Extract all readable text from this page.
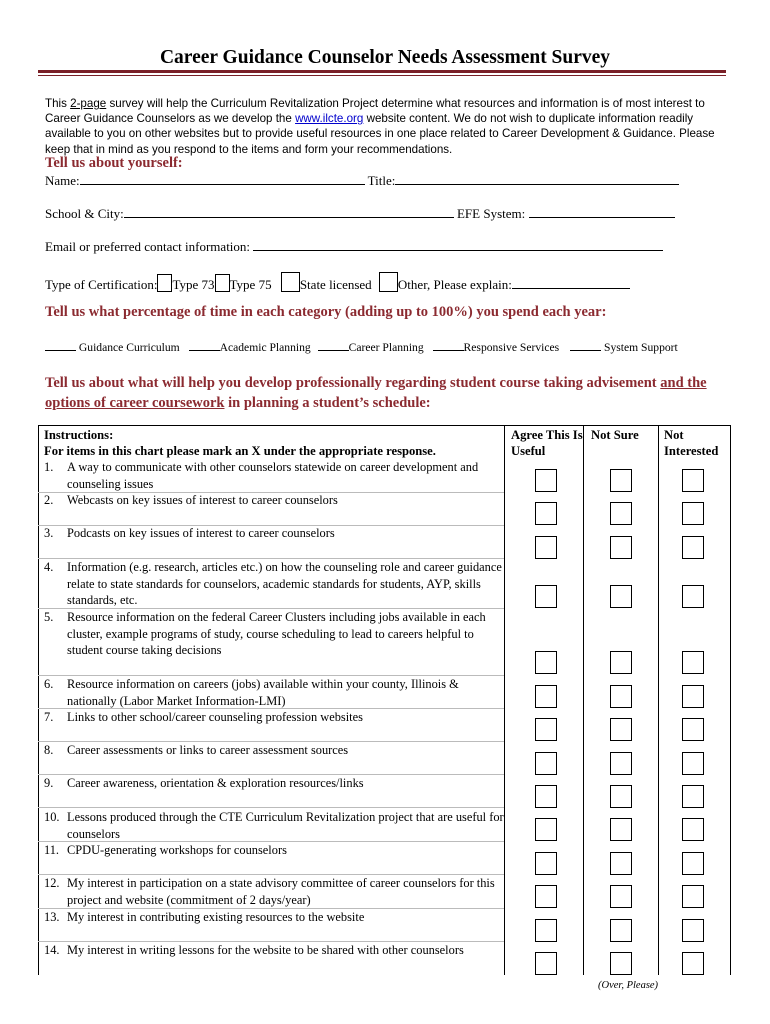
Career Guidance Counselor Needs Assessment Survey
This 2-page survey will help the Curriculum Revitalization Project determine what resources and information is of most interest to Career Guidance Counselors as we develop the www.ilcte.org website content. We do not wish to duplicate information readily available to you on other websites but to provide useful resources in one place related to Career Development & Guidance. Please keep that in mind as you respond to the items and form your recommendations.
Tell us about yourself:
Name:	Title:
School & City:	EFE System:
Email or preferred contact information:
Type of Certification: Type 73 Type 75 State licensed Other, Please explain:
Tell us what percentage of time in each category (adding up to 100%) you spend each year:
Guidance Curriculum	Academic Planning	Career Planning	Responsive Services	System Support
Tell us about what will help you develop professionally regarding student course taking advisement and the options of career coursework in planning a student’s schedule:
Instructions:
For items in this chart please mark an X under the appropriate response.
Agree This Is Useful
Not Sure	Not Interested
1.	A way to communicate with other counselors statewide on career development and counseling issues
2.	Webcasts on key issues of interest to career counselors
3.	Podcasts on key issues of interest to career counselors
4.	Information (e.g. research, articles etc.) on how the counseling role and career guidance relate to state standards for counselors, academic standards for students, AYP, skills standards, etc.
5.	Resource information on the federal Career Clusters including jobs available in each cluster, example programs of study, course scheduling to lead to careers helpful to student course taking decisions
6.	Resource information on careers (jobs) available within your county, Illinois & nationally (Labor Market Information-LMI)
7.	Links to other school/career counseling profession websites
8.	Career assessments or links to career assessment sources
9.	Career awareness, orientation & exploration resources/links
10. Lessons produced through the CTE Curriculum Revitalization project that are useful for counselors
11. CPDU-generating workshops for counselors
12. My interest in participation on a state advisory committee of career counselors for this project and website (commitment of 2 days/year)
13. My interest in contributing existing resources to the website
14. My interest in writing lessons for the website to be shared with other counselors
(Over, Please)
